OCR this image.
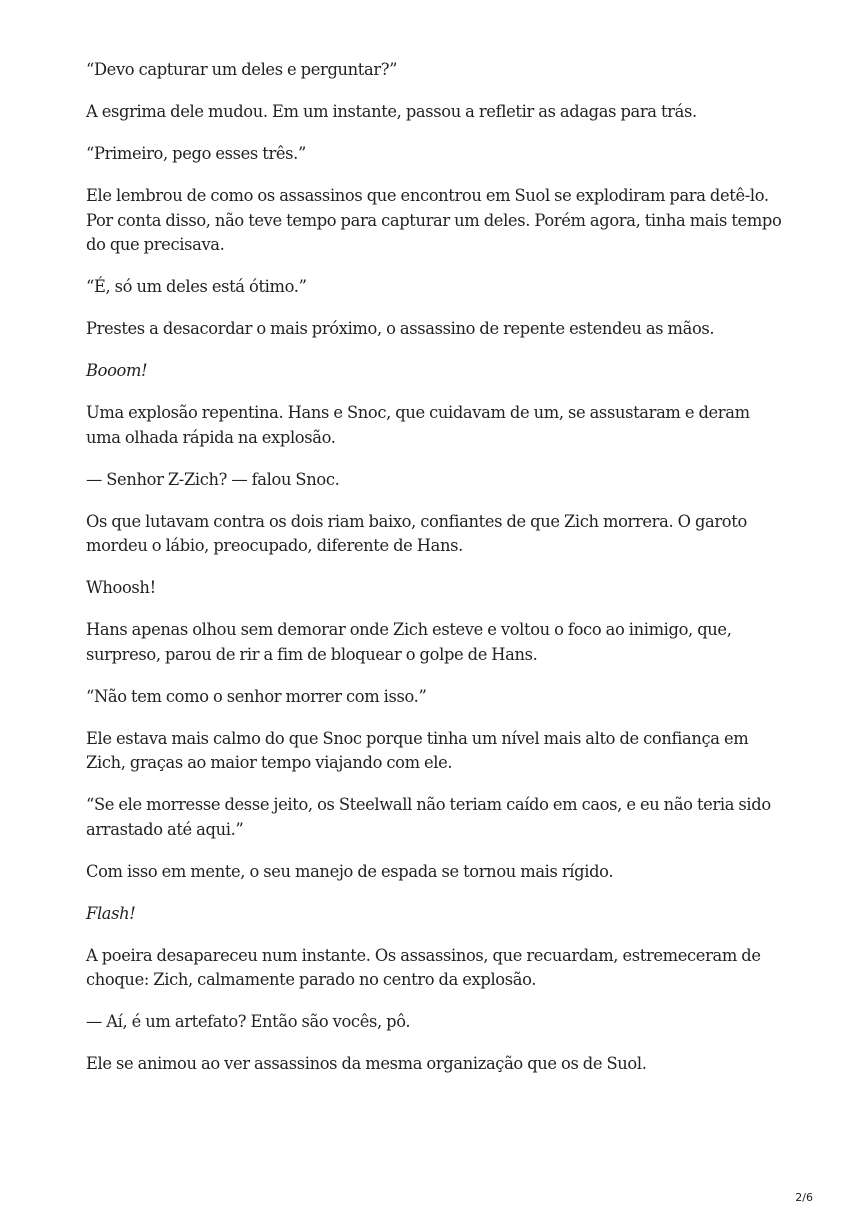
“Devo capturar um deles e perguntar?”

A esgrima dele mudou. Em um instante, passou a refletir as adagas para trás.

“Primeiro, pego esses três.”

Ele lembrou de como os assassinos que encontrou em Suol se explodiram para detê-lo. Por conta disso, não teve tempo para capturar um deles. Porém agora, tinha mais tempo do que precisava.

“É, só um deles está ótimo.”

Prestes a desacordar o mais próximo, o assassino de repente estendeu as mãos.

Booom!

Uma explosão repentina. Hans e Snoc, que cuidavam de um, se assustaram e deram uma olhada rápida na explosão.

— Senhor Z-Zich? — falou Snoc.

Os que lutavam contra os dois riam baixo, confiantes de que Zich morrera. O garoto mordeu o lábio, preocupado, diferente de Hans.

Whoosh!

Hans apenas olhou sem demorar onde Zich esteve e voltou o foco ao inimigo, que, surpreso, parou de rir a fim de bloquear o golpe de Hans.

“Não tem como o senhor morrer com isso.”

Ele estava mais calmo do que Snoc porque tinha um nível mais alto de confiança em Zich, graças ao maior tempo viajando com ele.

“Se ele morresse desse jeito, os Steelwall não teriam caído em caos, e eu não teria sido arrastado até aqui.”

Com isso em mente, o seu manejo de espada se tornou mais rígido.

Flash!

A poeira desapareceu num instante. Os assassinos, que recuardam, estremeceram de choque: Zich, calmamente parado no centro da explosão.

— Aí, é um artefato? Então são vocês, pô.

Ele se animou ao ver assassinos da mesma organização que os de Suol.

2/6
